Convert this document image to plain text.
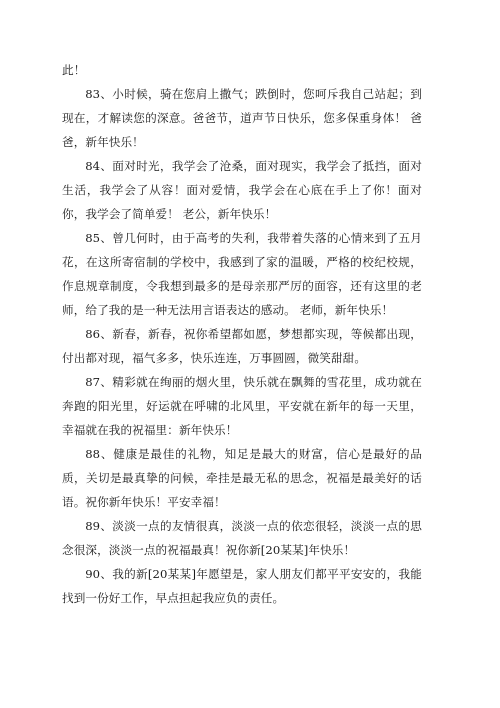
此！

83、小时候，骑在您肩上撒气；跌倒时，您呵斥我自己站起；到现在，才解读您的深意。爸爸节，道声节日快乐，您多保重身体！ 爸爸，新年快乐！

84、面对时光，我学会了沧桑，面对现实，我学会了抵挡，面对生活，我学会了从容！面对爱情，我学会在心底在手上了你！面对你，我学会了简单爱！ 老公，新年快乐！

85、曾几何时，由于高考的失利，我带着失落的心情来到了五月花，在这所寄宿制的学校中，我感到了家的温暖，严格的校纪校规，作息规章制度，令我想到最多的是母亲那严厉的面容，还有这里的老师，给了我的是一种无法用言语表达的感动。 老师，新年快乐！

86、新春，新春，祝你希望都如愿，梦想都实现，等候都出现，付出都对现，福气多多，快乐连连，万事圆圆，微笑甜甜。

87、精彩就在绚丽的烟火里，快乐就在飘舞的雪花里，成功就在奔跑的阳光里，好运就在呼啸的北风里，平安就在新年的每一天里，幸福就在我的祝福里：新年快乐！

88、健康是最佳的礼物，知足是最大的财富，信心是最好的品质，关切是最真挚的问候，牵挂是最无私的思念，祝福是最美好的话语。祝你新年快乐！平安幸福！

89、淡淡一点的友情很真，淡淡一点的依恋很轻，淡淡一点的思念很深，淡淡一点的祝福最真！祝你新[20某某]年快乐！

90、我的新[20某某]年愿望是，家人朋友们都平平安安的，我能找到一份好工作，早点担起我应负的责任。
